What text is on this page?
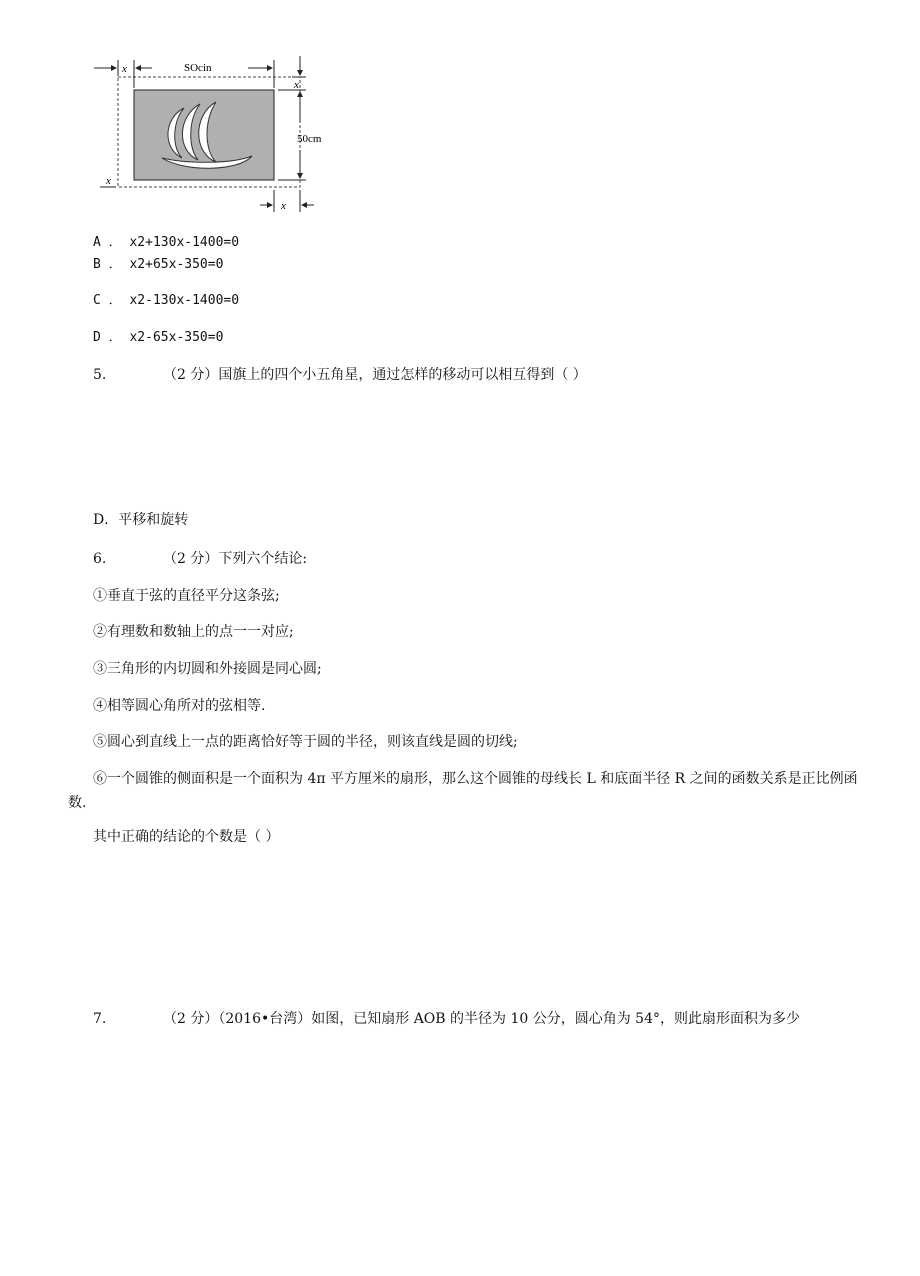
x	SOcin
x
50cm
x
x
A ． x2+130x-1400=0
B ． x2+65x-350=0
C ． x2-130x-1400=0
D ． x2-65x-350=0
5.	（2 分）国旗上的四个小五角星，通过怎样的移动可以相互得到（ ）
D．平移和旋转
6.	（2 分）下列六个结论:
①垂直于弦的直径平分这条弦;
②有理数和数轴上的点一一对应;
③三角形的内切圆和外接圆是同心圆;
④相等圆心角所对的弦相等.
⑤圆心到直线上一点的距离恰好等于圆的半径，则该直线是圆的切线;
⑥一个圆锥的侧面积是一个面积为 4π 平方厘米的扇形，那么这个圆锥的母线长 L 和底面半径 R 之间的函数关系是正比例函数.
其中正确的结论的个数是（ ）
7.	（2 分）（2016•台湾）如图，已知扇形 AOB 的半径为 10 公分，圆心角为 54°，则此扇形面积为多少
